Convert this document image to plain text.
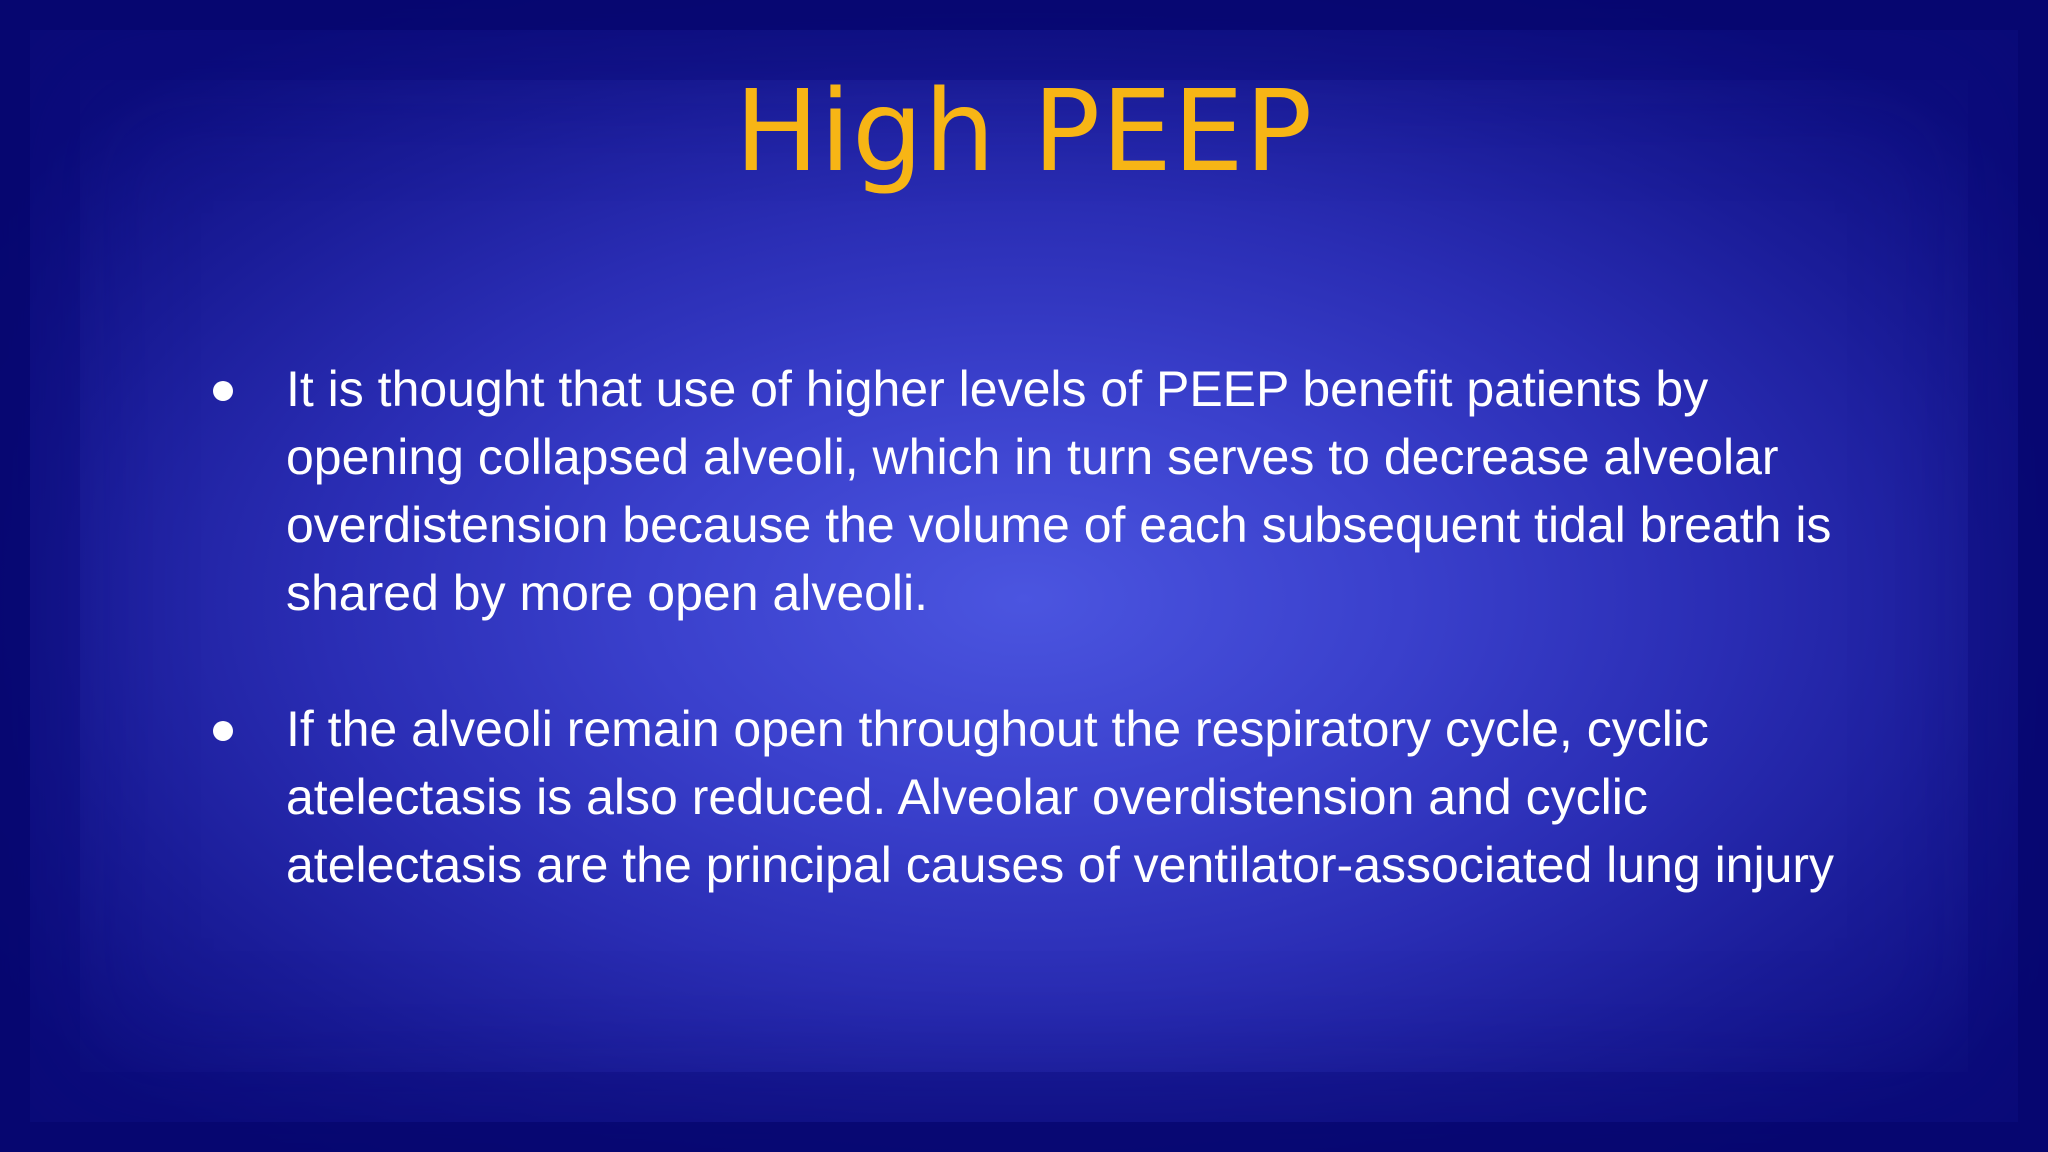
High PEEP
It is thought that use of higher levels of PEEP benefit patients by opening collapsed alveoli, which in turn serves to decrease alveolar overdistension because the volume of each subsequent tidal breath is shared by more open alveoli.
If the alveoli remain open throughout the respiratory cycle, cyclic atelectasis is also reduced. Alveolar overdistension and cyclic atelectasis are the principal causes of ventilator-associated lung injury
